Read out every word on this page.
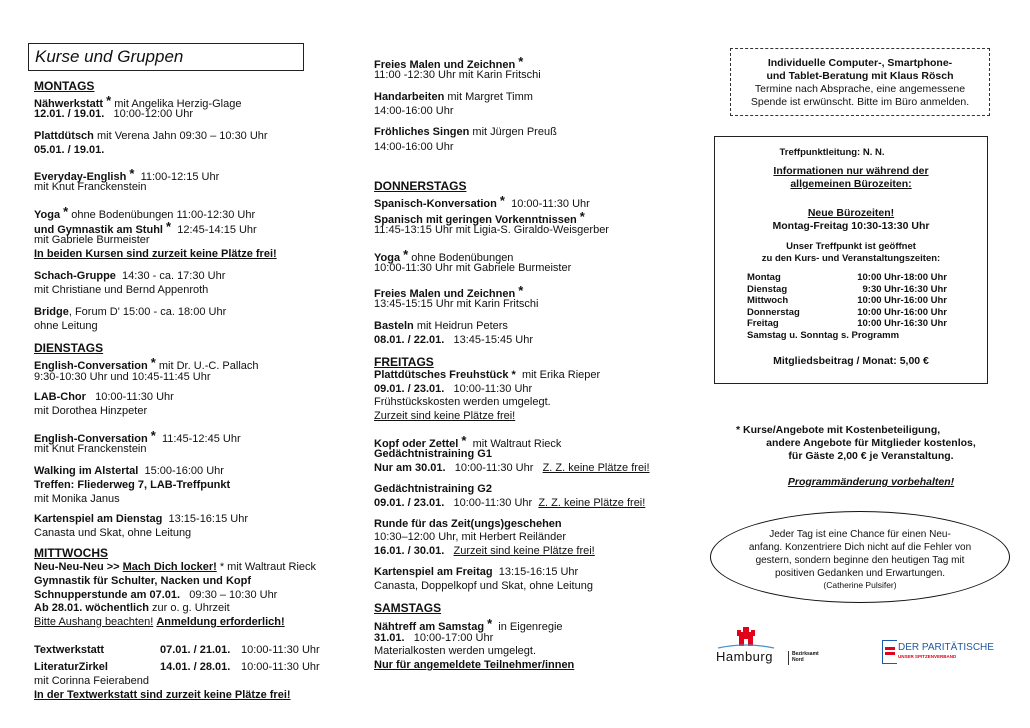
Kurse und Gruppen
MONTAGS
Nähwerkstatt * mit Angelika Herzig-Glage
12.01. / 19.01. 10:00-12:00 Uhr
Plattdütsch mit Verena Jahn 09:30 – 10:30 Uhr
05.01. / 19.01.
Everyday-English * 11:00-12:15 Uhr
mit Knut Franckenstein
Yoga * ohne Bodenübungen 11:00-12:30 Uhr
und Gymnastik am Stuhl * 12:45-14:15 Uhr
mit Gabriele Burmeister
In beiden Kursen sind zurzeit keine Plätze frei!
Schach-Gruppe 14:30 - ca. 17:30 Uhr
mit Christiane und Bernd Appenroth
Bridge, Forum D' 15:00 - ca. 18:00 Uhr
ohne Leitung
DIENSTAGS
English-Conversation * mit Dr. U.-C. Pallach
9:30-10:30 Uhr und 10:45-11:45 Uhr
LAB-Chor 10:00-11:30 Uhr
mit Dorothea Hinzpeter
English-Conversation * 11:45-12:45 Uhr
mit Knut Franckenstein
Walking im Alstertal 15:00-16:00 Uhr
Treffen: Fliederweg 7, LAB-Treffpunkt
mit Monika Janus
Kartenspiel am Dienstag 13:15-16:15 Uhr
Canasta und Skat, ohne Leitung
MITTWOCHS
Neu-Neu-Neu >> Mach Dich locker! * mit Waltraut Rieck
Gymnastik für Schulter, Nacken und Kopf
Schnupperstunde am 07.01. 09:30 – 10:30 Uhr
Ab 28.01. wöchentlich zur o. g. Uhrzeit
Bitte Aushang beachten! Anmeldung erforderlich!
Textwerkstatt	07.01. / 21.01. 10:00-11:30 Uhr
LiteraturZirkel	14.01. / 28.01. 10:00-11:30 Uhr
mit Corinna Feierabend
In der Textwerkstatt sind zurzeit keine Plätze frei!
Freies Malen und Zeichnen *
11:00 -12:30 Uhr mit Karin Fritschi
Handarbeiten mit Margret Timm
14:00-16:00 Uhr
Fröhliches Singen mit Jürgen Preuß
14:00-16:00 Uhr
DONNERSTAGS
Spanisch-Konversation * 10:00-11:30 Uhr
Spanisch mit geringen Vorkenntnissen *
11:45-13:15 Uhr mit Ligia-S. Giraldo-Weisgerber
Yoga * ohne Bodenübungen
10:00-11:30 Uhr mit Gabriele Burmeister
Freies Malen und Zeichnen *
13:45-15:15 Uhr mit Karin Fritschi
Basteln mit Heidrun Peters
08.01. / 22.01. 13:45-15:45 Uhr
FREITAGS
Plattdütsches Freuhstück * mit Erika Rieper
09.01. / 23.01. 10:00-11:30 Uhr
Frühstückskosten werden umgelegt.
Zurzeit sind keine Plätze frei!
Kopf oder Zettel * mit Waltraut Rieck
Gedächtnistraining G1
Nur am 30.01. 10:00-11:30 Uhr Z. Z. keine Plätze frei!
Gedächtnistraining G2
09.01. / 23.01. 10:00-11:30 Uhr Z. Z. keine Plätze frei!
Runde für das Zeit(ungs)geschehen
10:30–12:00 Uhr, mit Herbert Reiländer
16.01. / 30.01. Zurzeit sind keine Plätze frei!
Kartenspiel am Freitag 13:15-16:15 Uhr
Canasta, Doppelkopf und Skat, ohne Leitung
SAMSTAGS
Nähtreff am Samstag * in Eigenregie
31.01. 10:00-17:00 Uhr
Materialkosten werden umgelegt.
Nur für angemeldete Teilnehmer/innen
Individuelle Computer-, Smartphone-
und Tablet-Beratung mit Klaus Rösch
Termine nach Absprache, eine angemessene
Spende ist erwünscht. Bitte im Büro anmelden.
Treffpunktleitung: N. N.
Informationen nur während der
allgemeinen Bürozeiten:
Neue Bürozeiten!
Montag-Freitag 10:30-13:30 Uhr
Unser Treffpunkt ist geöffnet
zu den Kurs- und Veranstaltungszeiten:
Montag	10:00 Uhr-18:00 Uhr
Dienstag	9:30 Uhr-16:30 Uhr
Mittwoch	10:00 Uhr-16:00 Uhr
Donnerstag	10:00 Uhr-16:00 Uhr
Freitag	10:00 Uhr-16:30 Uhr
Samstag u. Sonntag s. Programm
Mitgliedsbeitrag / Monat: 5,00 €
* Kurse/Angebote mit Kostenbeteiligung,
andere Angebote für Mitglieder kostenlos,
für Gäste 2,00 € je Veranstaltung.
Programmänderung vorbehalten!
Jeder Tag ist eine Chance für einen Neu-
anfang. Konzentriere Dich nicht auf die Fehler von
gestern, sondern beginne den heutigen Tag mit
positiven Gedanken und Erwartungen.
(Catherine Pulsifer)
Hamburg	Bezirksamt
Nord
DER PARITÄTISCHE
UNSER SPITZENVERBAND
